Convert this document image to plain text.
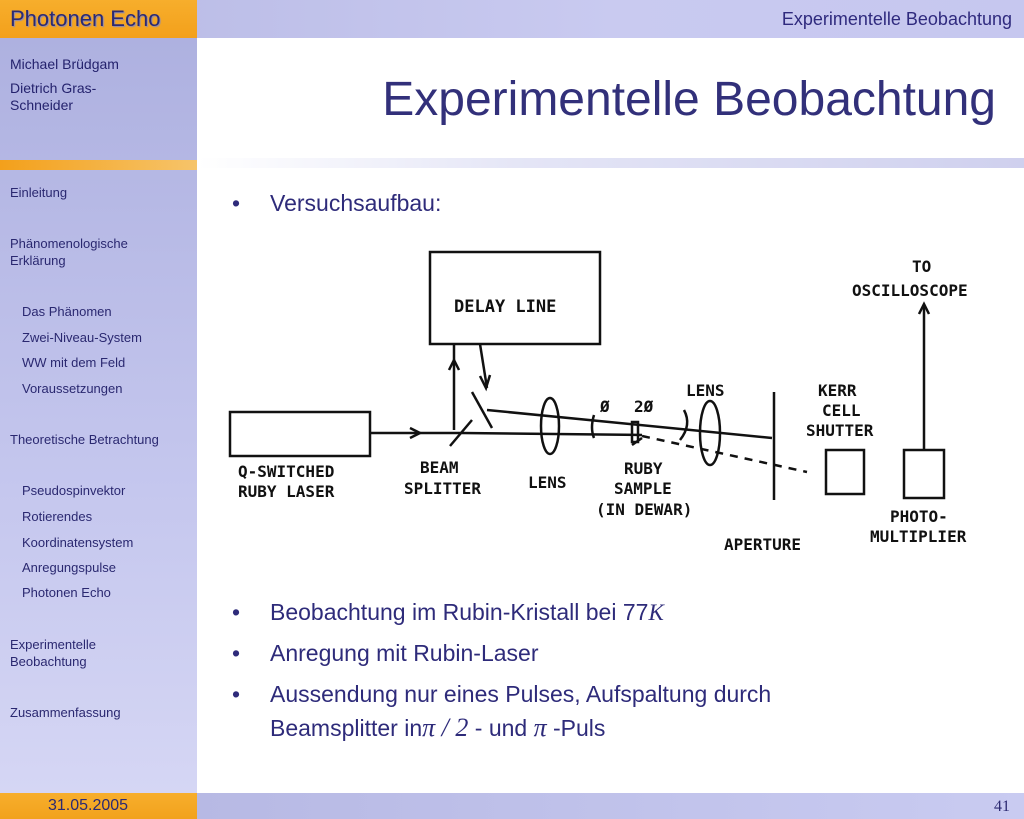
Photonen Echo	Experimentelle Beobachtung
Michael Brüdgam
Dietrich Gras-Schneider
Einleitung
Phänomenologische
Erklärung
Das Phänomen
Zwei-Niveau-System
WW mit dem Feld
Voraussetzungen
Theoretische Betrachtung
Pseudospinvektor
Rotierendes
Koordinatensystem
Anregungspulse
Photonen Echo
Experimentelle
Beobachtung
Zusammenfassung
31.05.2005	41
Experimentelle Beobachtung
• Versuchsaufbau:
DELAY LINE
Q-SWITCHED
RUBY LASER
BEAM
SPLITTER	LENS
Ø 2Ø
LENS
RUBY
SAMPLE
(IN DEWAR)
APERTURE
KERR
CELL
SHUTTER
TO
OSCILLOSCOPE
PHOTO-
MULTIPLIER
• Beobachtung im Rubin-Kristall bei 77K
• Anregung mit Rubin-Laser
• Aussendung nur eines Pulses, Aufspaltung durch
Beamsplitter inπ / 2 - und π -Puls
